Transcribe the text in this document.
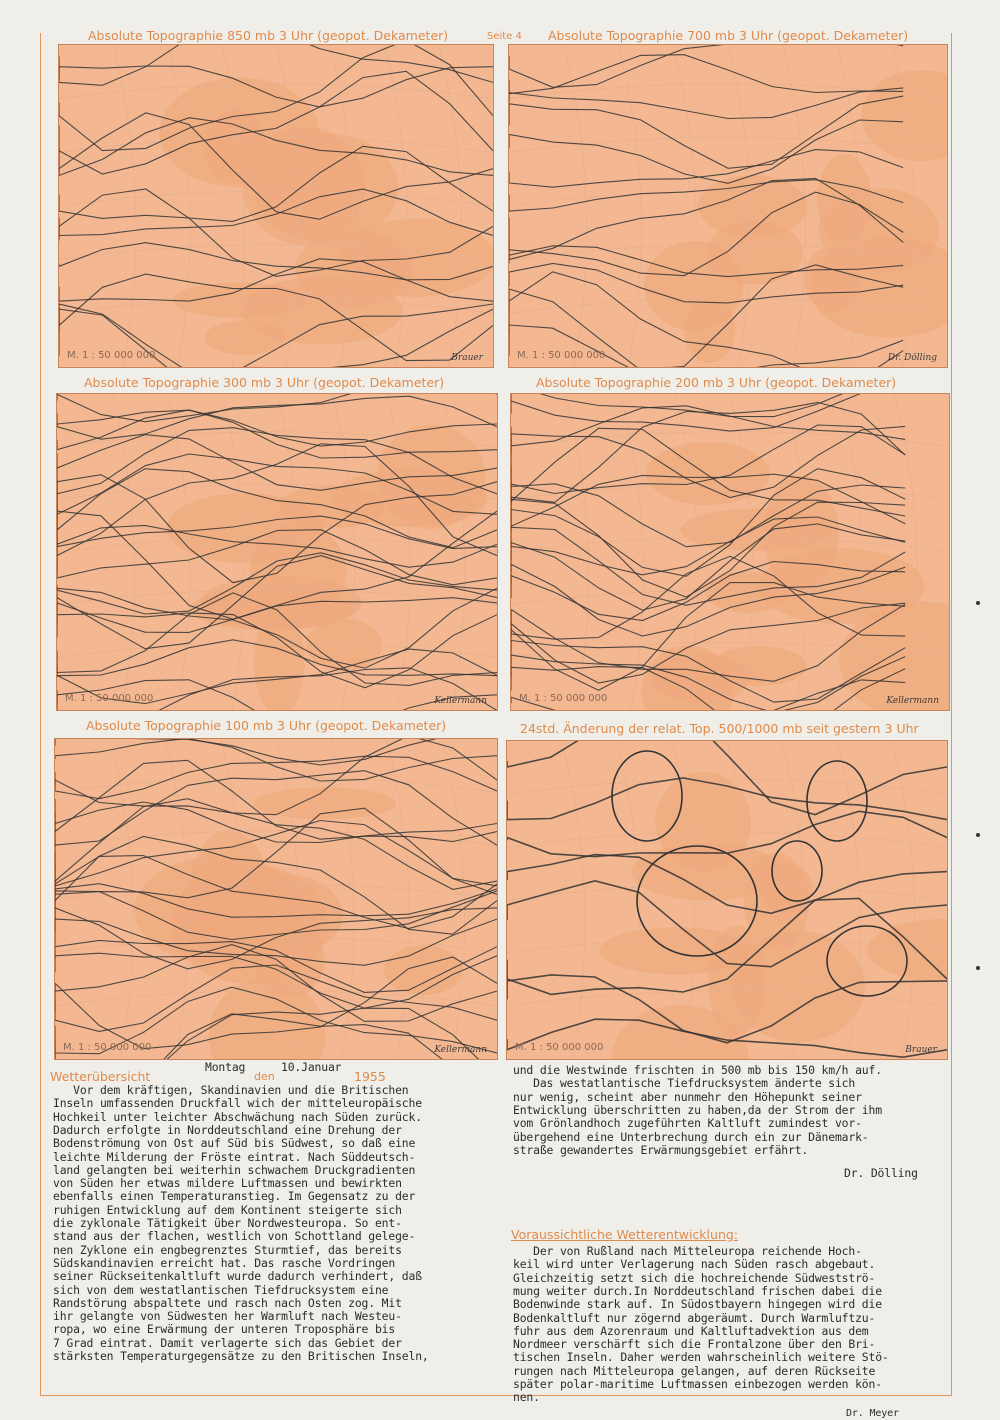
Seite 4
Absolute Topographie 850 mb 3 Uhr (geopot. Dekameter)	Absolute Topographie 700 mb 3 Uhr (geopot. Dekameter)
Absolute Topographie 300 mb 3 Uhr (geopot. Dekameter)	Absolute Topographie 200 mb 3 Uhr (geopot. Dekameter)
Absolute Topographie 100 mb 3 Uhr (geopot. Dekameter)	24std. Änderung der relat. Top. 500/1000 mb seit gestern 3 Uhr
M. 1 : 50 000 000	Brauer	M. 1 : 50 000 000	Dr. Dölling
M. 1 : 50 000 000	Kellermann	M. 1 : 50 000 000	Kellermann
M. 1 : 50 000 000	Kellermann	M. 1 : 50 000 000	Brauer
Wetterübersicht
Montag
den
10.Januar
1955
Vor dem kräftigen, Skandinavien und die Britischen
Inseln umfassenden Druckfall wich der mitteleuropäische
Hochkeil unter leichter Abschwächung nach Süden zurück.
Dadurch erfolgte in Norddeutschland eine Drehung der
Bodenströmung von Ost auf Süd bis Südwest, so daß eine
leichte Milderung der Fröste eintrat. Nach Süddeutsch-
land gelangten bei weiterhin schwachem Druckgradienten
von Süden her etwas mildere Luftmassen und bewirkten
ebenfalls einen Temperaturanstieg. Im Gegensatz zu der
ruhigen Entwicklung auf dem Kontinent steigerte sich
die zyklonale Tätigkeit über Nordwesteuropa. So ent-
stand aus der flachen, westlich von Schottland gelege-
nen Zyklone ein engbegrenztes Sturmtief, das bereits
Südskandinavien erreicht hat. Das rasche Vordringen
seiner Rückseitenkaltluft wurde dadurch verhindert, daß
sich von dem westatlantischen Tiefdrucksystem eine
Randstörung abspaltete und rasch nach Osten zog. Mit
ihr gelangte von Südwesten her Warmluft nach Westeu-
ropa, wo eine Erwärmung der unteren Troposphäre bis
7 Grad eintrat. Damit verlagerte sich das Gebiet der
stärksten Temperaturgegensätze zu den Britischen Inseln,
und die Westwinde frischten in 500 mb bis 150 km/h auf.
Das westatlantische Tiefdrucksystem änderte sich
nur wenig, scheint aber nunmehr den Höhepunkt seiner
Entwicklung überschritten zu haben,da der Strom der ihm
vom Grönlandhoch zugeführten Kaltluft zumindest vor-
übergehend eine Unterbrechung durch ein zur Dänemark-
straße gewandertes Erwärmungsgebiet erfährt.
Dr. Dölling
Voraussichtliche Wetterentwicklung:
Der von Rußland nach Mitteleuropa reichende Hoch-
keil wird unter Verlagerung nach Süden rasch abgebaut.
Gleichzeitig setzt sich die hochreichende Südwestströ-
mung weiter durch.In Norddeutschland frischen dabei die
Bodenwinde stark auf. In Südostbayern hingegen wird die
Bodenkaltluft nur zögernd abgeräumt. Durch Warmluftzu-
fuhr aus dem Azorenraum und Kaltluftadvektion aus dem
Nordmeer verschärft sich die Frontalzone über den Bri-
tischen Inseln. Daher werden wahrscheinlich weitere Stö-
rungen nach Mitteleuropa gelangen, auf deren Rückseite
später polar-maritime Luftmassen einbezogen werden kön-
nen.
Dr. Meyer
